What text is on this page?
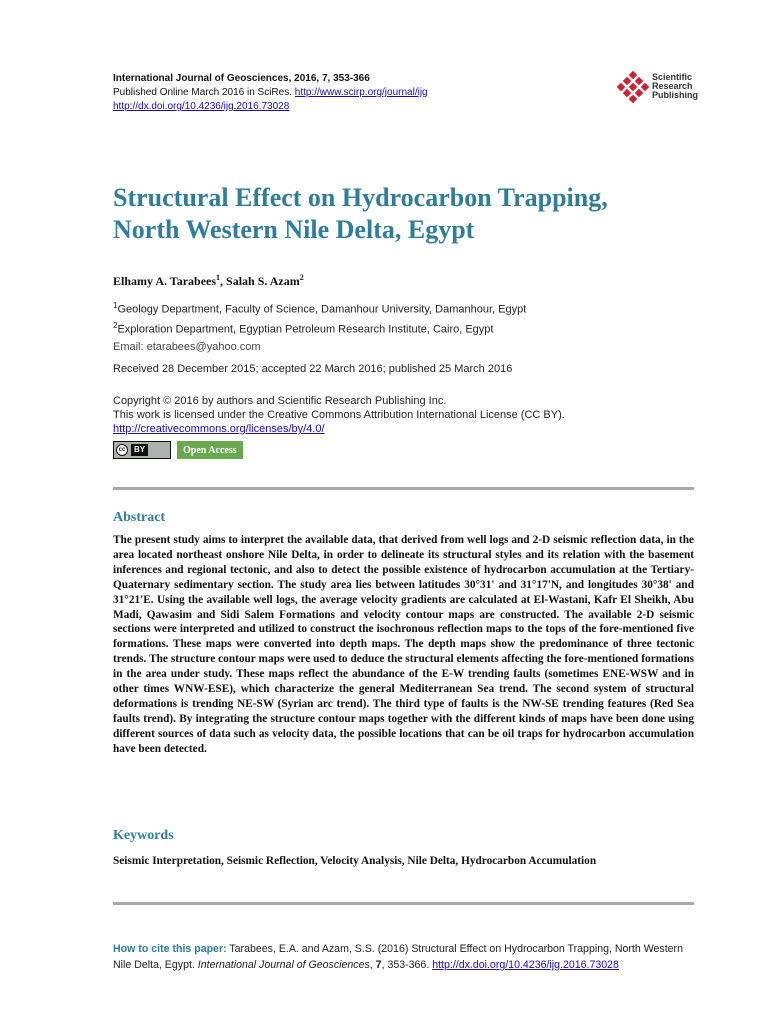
International Journal of Geosciences, 2016, 7, 353-366
Published Online March 2016 in SciRes. http://www.scirp.org/journal/ijg
http://dx.doi.org/10.4236/ijg.2016.73028
Scientific
Research
Publishing
Structural Effect on Hydrocarbon Trapping,
North Western Nile Delta, Egypt
Elhamy A. Tarabees$^1$, Salah S. Azam$^2$
$^1$Geology Department, Faculty of Science, Damanhour University, Damanhour, Egypt
$^2$Exploration Department, Egyptian Petroleum Research Institute, Cairo, Egypt
Email: etarabees@yahoo.com
Received 28 December 2015; accepted 22 March 2016; published 25 March 2016
Copyright © 2016 by authors and Scientific Research Publishing Inc.
This work is licensed under the Creative Commons Attribution International License (CC BY).
http://creativecommons.org/licenses/by/4.0/
cc	BY	Open Access
Abstract

The present study aims to interpret the available data, that derived from well logs and 2-D seismic reflection data, in the area located northeast onshore Nile Delta, in order to delineate its structural styles and its relation with the basement inferences and regional tectonic, and also to detect the possible existence of hydrocarbon accumulation at the Tertiary-Quaternary sedimentary section. The study area lies between latitudes 30°31' and 31°17'N, and longitudes 30°38' and 31°21'E. Using the available well logs, the average velocity gradients are calculated at El-Wastani, Kafr El Sheikh, Abu Madi, Qawasim and Sidi Salem Formations and velocity contour maps are constructed. The available 2-D seismic sections were interpreted and utilized to construct the isochronous reflection maps to the tops of the fore-mentioned five formations. These maps were converted into depth maps. The depth maps show the predominance of three tectonic trends. The structure contour maps were used to deduce the structural elements affecting the fore-mentioned formations in the area under study. These maps reflect the abundance of the E-W trending faults (sometimes ENE-WSW and in other times WNW-ESE), which characterize the general Mediterranean Sea trend. The second system of structural deformations is trending NE-SW (Syrian arc trend). The third type of faults is the NW-SE trending features (Red Sea faults trend). By integrating the structure contour maps together with the different kinds of maps have been done using different sources of data such as velocity data, the possible locations that can be oil traps for hydrocarbon accumulation have been detected.

Keywords

Seismic Interpretation, Seismic Reflection, Velocity Analysis, Nile Delta, Hydrocarbon Accumulation

How to cite this paper: Tarabees, E.A. and Azam, S.S. (2016) Structural Effect on Hydrocarbon Trapping, North Western Nile Delta, Egypt. International Journal of Geosciences, 7, 353-366. http://dx.doi.org/10.4236/ijg.2016.73028
